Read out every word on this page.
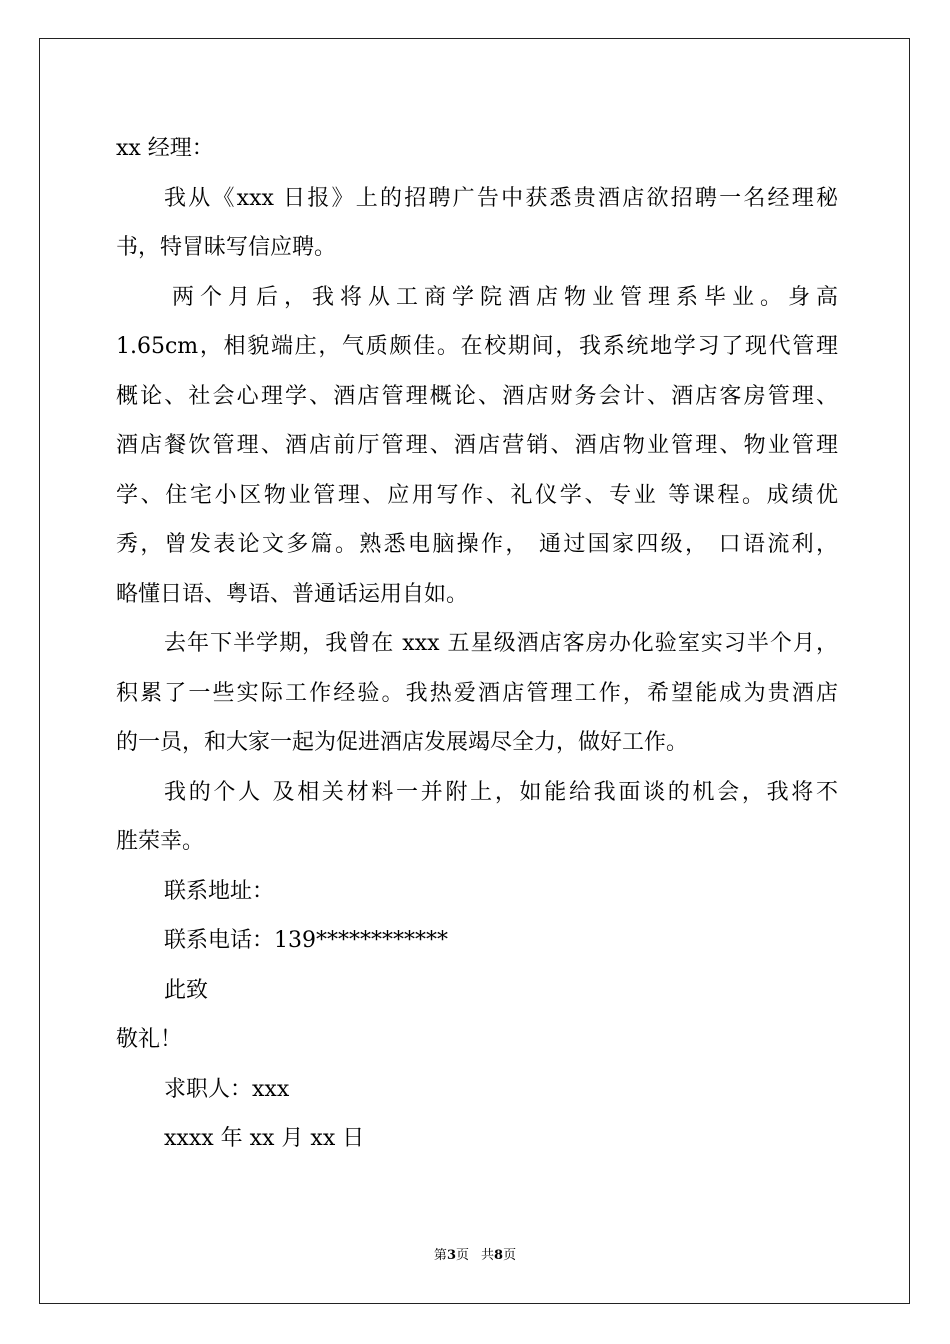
xx 经理：
我从《xxx 日报》上的招聘广告中获悉贵酒店欲招聘一名经理秘
书，特冒昧写信应聘。
两个月后，我将从工商学院酒店物业管理系毕业。身高
1.65cm，相貌端庄，气质颇佳。在校期间，我系统地学习了现代管理
概论、社会心理学、酒店管理概论、酒店财务会计、酒店客房管理、
酒店餐饮管理、酒店前厅管理、酒店营销、酒店物业管理、物业管理
学、住宅小区物业管理、应用写作、礼仪学、专业 等课程。成绩优
秀，曾发表论文多篇。熟悉电脑操作， 通过国家四级， 口语流利，
略懂日语、粤语、普通话运用自如。
去年下半学期，我曾在 xxx 五星级酒店客房办化验室实习半个月，
积累了一些实际工作经验。我热爱酒店管理工作，希望能成为贵酒店
的一员，和大家一起为促进酒店发展竭尽全力，做好工作。
我的个人 及相关材料一并附上，如能给我面谈的机会，我将不
胜荣幸。
联系地址：
联系电话：139************
此致
敬礼！
求职人：xxx
xxxx 年 xx 月 xx 日
第3页 共8页
